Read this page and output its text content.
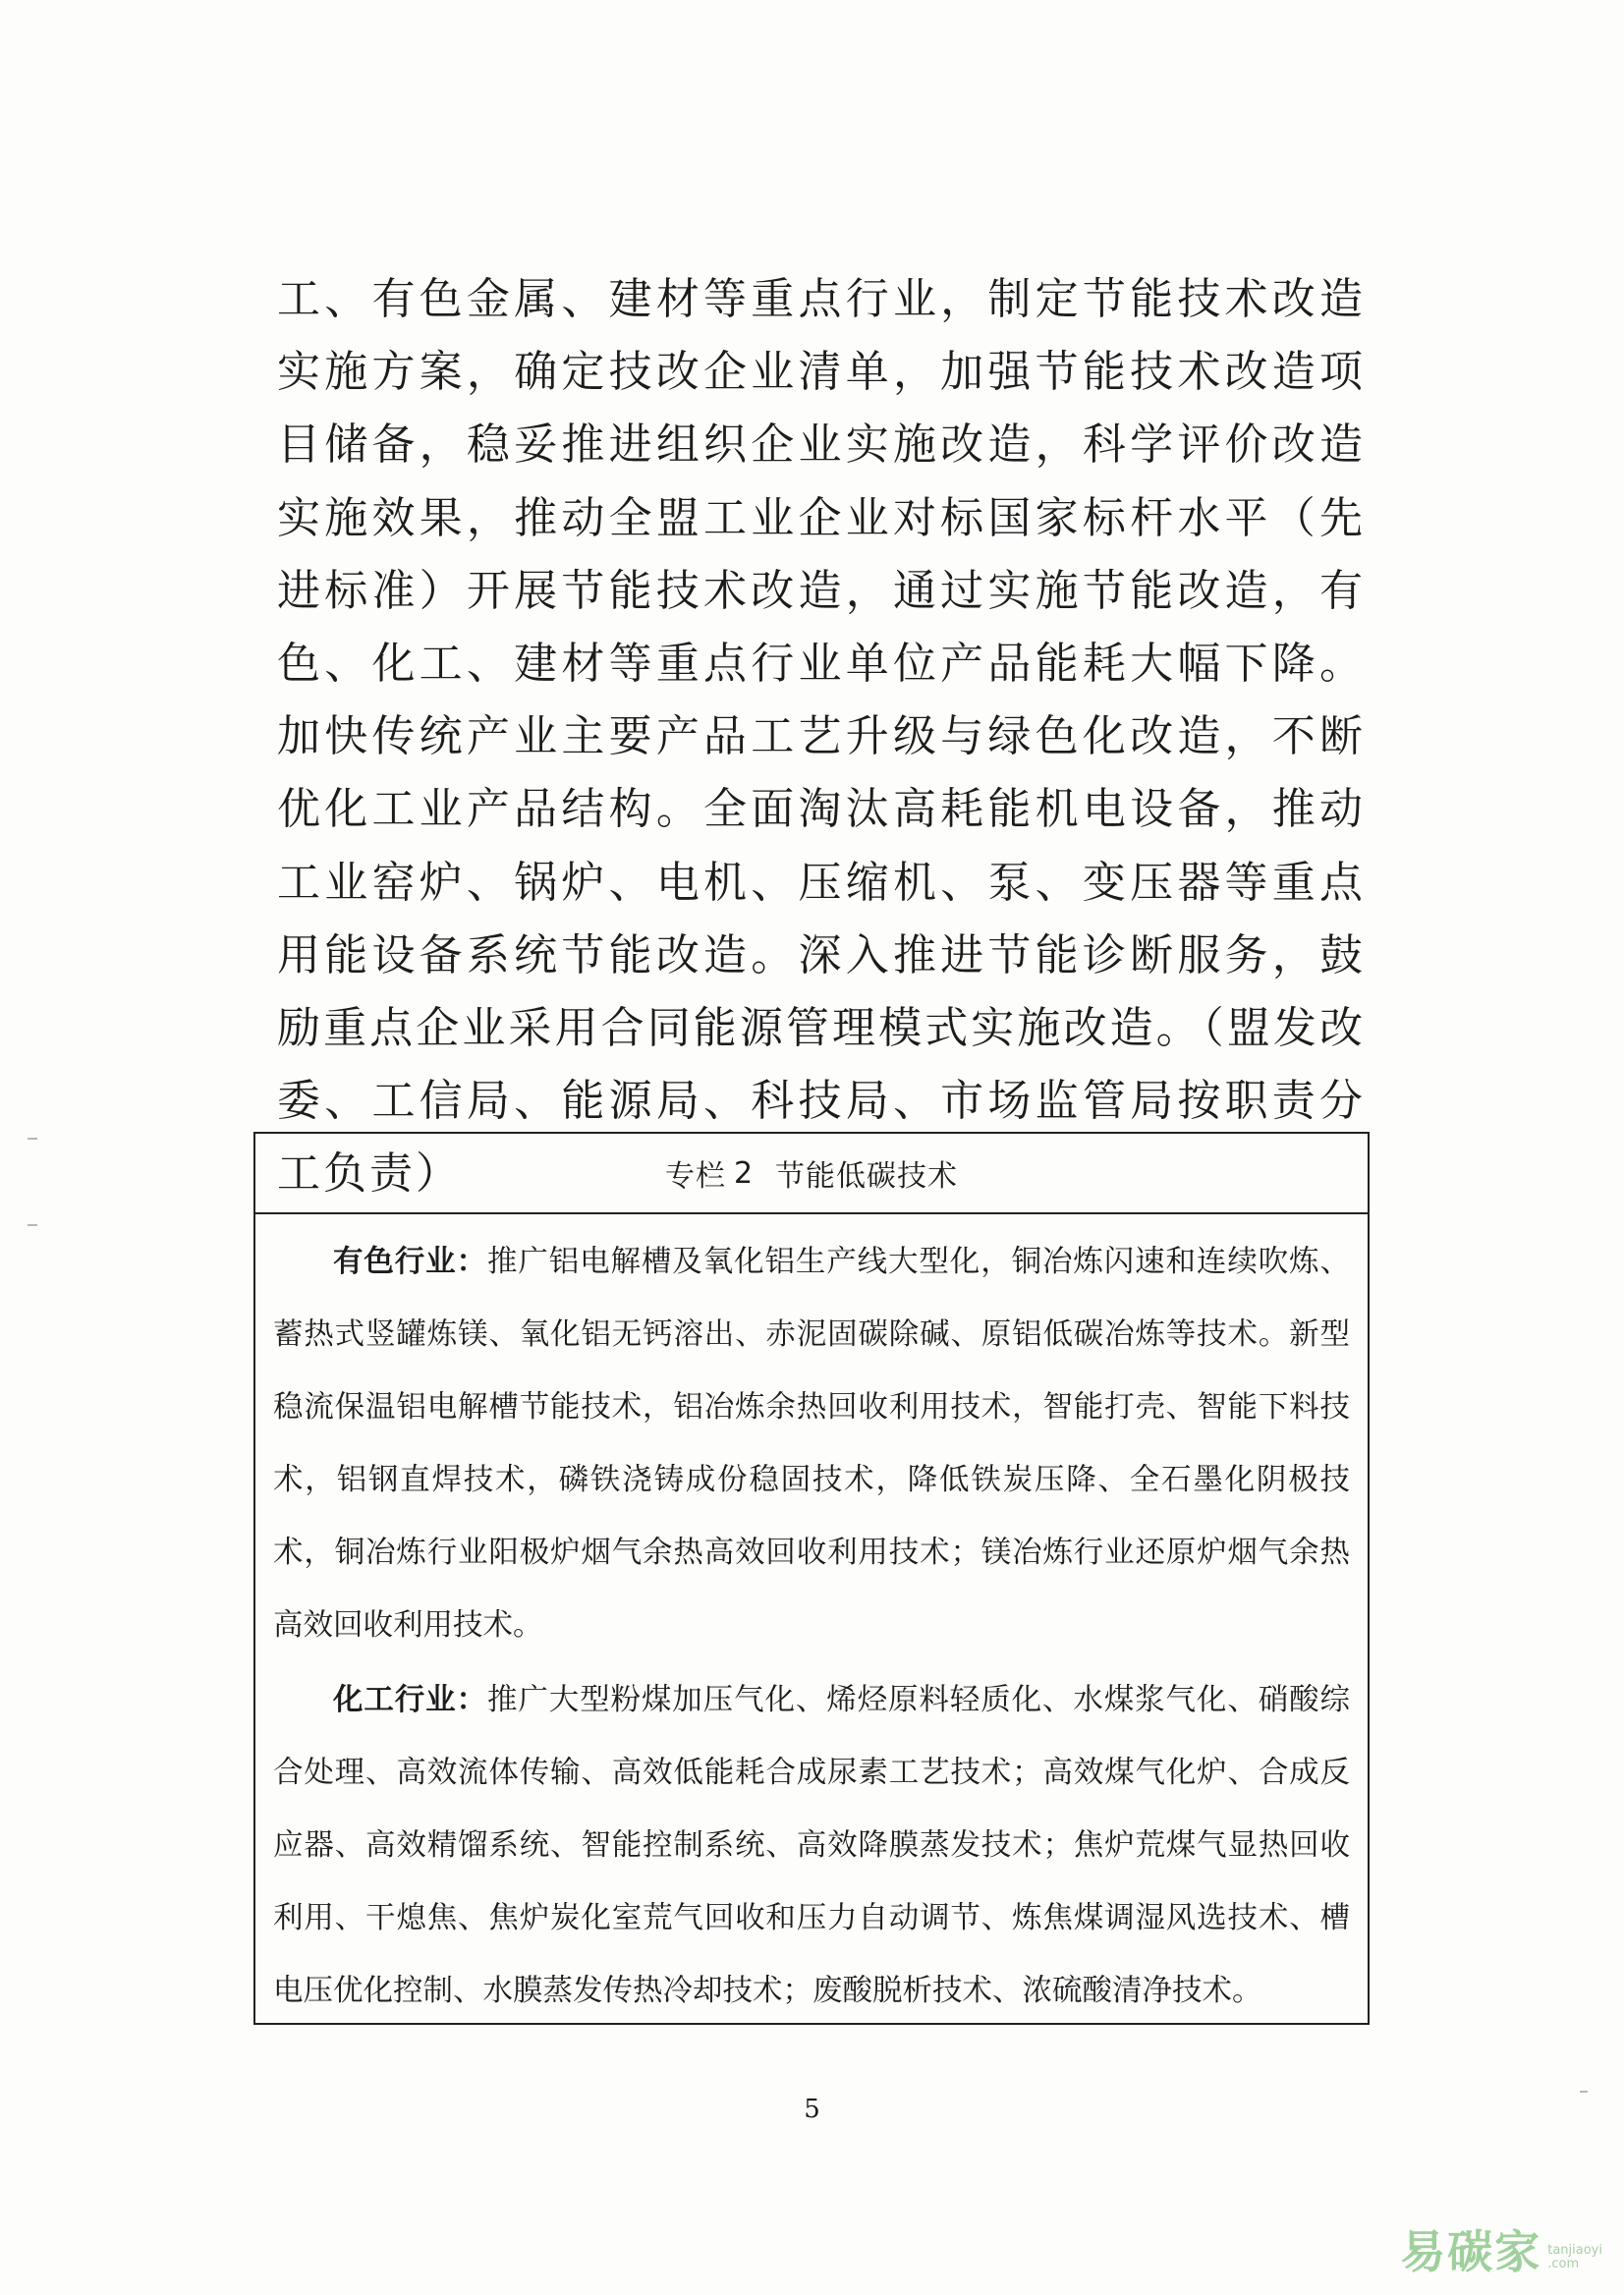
工、有色金属、建材等重点行业，制定节能技术改造实施方案，确定技改企业清单，加强节能技术改造项目储备，稳妥推进组织企业实施改造，科学评价改造实施效果，推动全盟工业企业对标国家标杆水平（先进标准）开展节能技术改造，通过实施节能改造，有色、化工、建材等重点行业单位产品能耗大幅下降。加快传统产业主要产品工艺升级与绿色化改造，不断优化工业产品结构。全面淘汰高耗能机电设备，推动工业窑炉、锅炉、电机、压缩机、泵、变压器等重点用能设备系统节能改造。深入推进节能诊断服务，鼓励重点企业采用合同能源管理模式实施改造。（盟发改委、工信局、能源局、科技局、市场监管局按职责分工负责）	专栏 2 节能低碳技术

有色行业：推广铝电解槽及氧化铝生产线大型化，铜冶炼闪速和连续吹炼、蓄热式竖罐炼镁、氧化铝无钙溶出、赤泥固碳除碱、原铝低碳冶炼等技术。新型稳流保温铝电解槽节能技术，铝冶炼余热回收利用技术，智能打壳、智能下料技术，铝钢直焊技术，磷铁浇铸成份稳固技术，降低铁炭压降、全石墨化阴极技术，铜冶炼行业阳极炉烟气余热高效回收利用技术；镁冶炼行业还原炉烟气余热高效回收利用技术。

化工行业：推广大型粉煤加压气化、烯烃原料轻质化、水煤浆气化、硝酸综合处理、高效流体传输、高效低能耗合成尿素工艺技术；高效煤气化炉、合成反应器、高效精馏系统、智能控制系统、高效降膜蒸发技术；焦炉荒煤气显热回收利用、干熄焦、焦炉炭化室荒气回收和压力自动调节、炼焦煤调湿风选技术、槽电压优化控制、水膜蒸发传热冷却技术；废酸脱析技术、浓硫酸清净技术。

5
易碳家 tanjiaoyi
.com
